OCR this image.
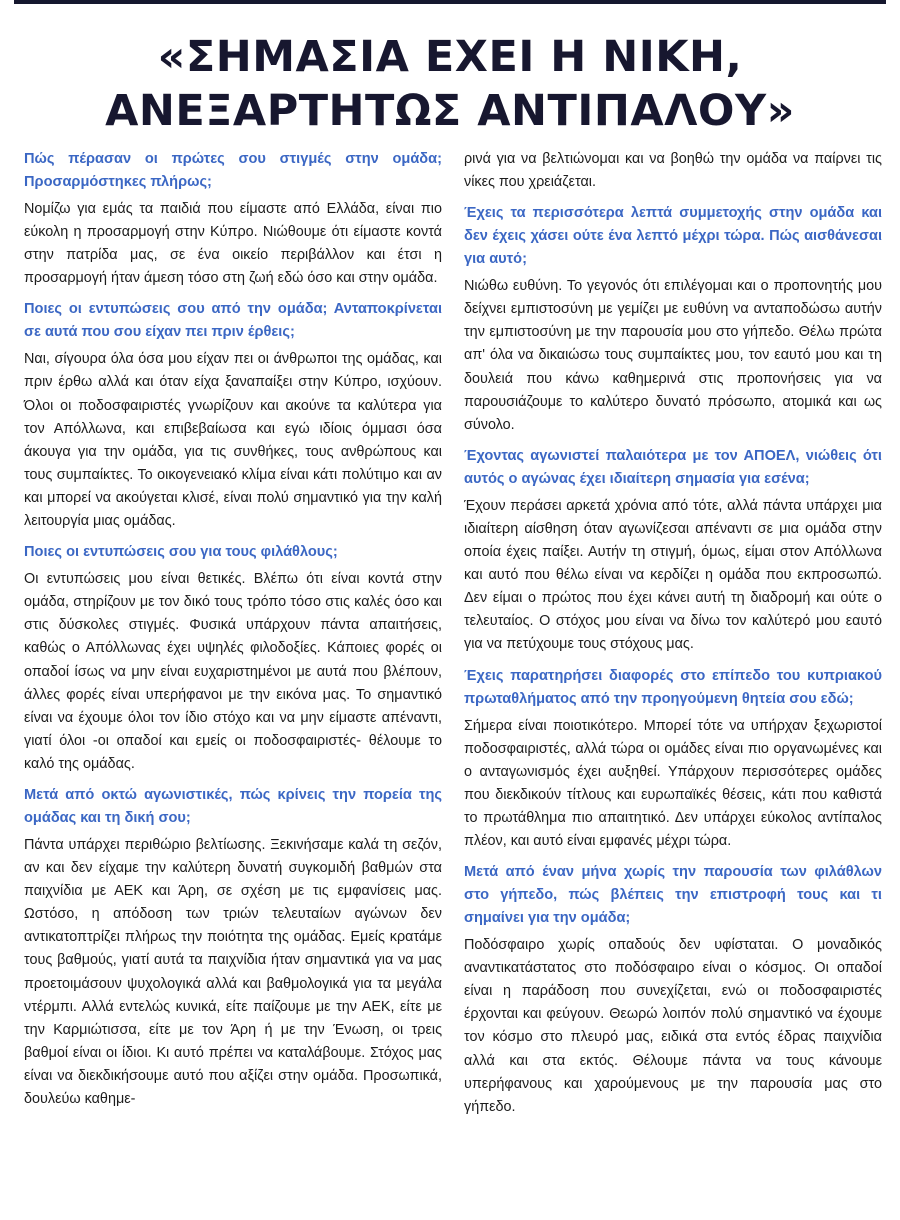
«ΣΗΜΑΣΙΑ ΕΧΕΙ Η ΝΙΚΗ,
ΑΝΕΞΑΡΤΗΤΩΣ ΑΝΤΙΠΑΛΟΥ»

Πώς πέρασαν οι πρώτες σου στιγμές στην ομάδα; Προσαρμόστηκες πλήρως;

Νομίζω για εμάς τα παιδιά που είμαστε από Ελλάδα, είναι πιο εύκολη η προσαρμογή στην Κύπρο. Νιώθουμε ότι είμαστε κοντά στην πατρίδα μας, σε ένα οικείο περιβάλλον και έτσι η προσαρμογή ήταν άμεση τόσο στη ζωή εδώ όσο και στην ομάδα.

Ποιες οι εντυπώσεις σου από την ομάδα; Ανταποκρίνεται σε αυτά που σου είχαν πει πριν έρθεις;

Ναι, σίγουρα όλα όσα μου είχαν πει οι άνθρωποι της ομάδας, και πριν έρθω αλλά και όταν είχα ξαναπαίξει στην Κύπρο, ισχύουν. Όλοι οι ποδοσφαιριστές γνωρίζουν και ακούνε τα καλύτερα για τον Απόλλωνα, και επιβεβαίωσα και εγώ ιδίοις όμμασι όσα άκουγα για την ομάδα, για τις συνθήκες, τους ανθρώπους και τους συμπαίκτες. Το οικογενειακό κλίμα είναι κάτι πολύτιμο και αν και μπορεί να ακούγεται κλισέ, είναι πολύ σημαντικό για την καλή λειτουργία μιας ομάδας.

Ποιες οι εντυπώσεις σου για τους φιλάθλους;

Οι εντυπώσεις μου είναι θετικές. Βλέπω ότι είναι κοντά στην ομάδα, στηρίζουν με τον δικό τους τρόπο τόσο στις καλές όσο και στις δύσκολες στιγμές. Φυσικά υπάρχουν πάντα απαιτήσεις, καθώς ο Απόλλωνας έχει υψηλές φιλοδοξίες. Κάποιες φορές οι οπαδοί ίσως να μην είναι ευχαριστημένοι με αυτά που βλέπουν, άλλες φορές είναι υπερήφανοι με την εικόνα μας. Το σημαντικό είναι να έχουμε όλοι τον ίδιο στόχο και να μην είμαστε απέναντι, γιατί όλοι -οι οπαδοί και εμείς οι ποδοσφαιριστές- θέλουμε το καλό της ομάδας.

Μετά από οκτώ αγωνιστικές, πώς κρίνεις την πορεία της ομάδας και τη δική σου;

Πάντα υπάρχει περιθώριο βελτίωσης. Ξεκινήσαμε καλά τη σεζόν, αν και δεν είχαμε την καλύτερη δυνατή συγκομιδή βαθμών στα παιχνίδια με ΑΕΚ και Άρη, σε σχέση με τις εμφανίσεις μας. Ωστόσο, η απόδοση των τριών τελευταίων αγώνων δεν αντικατοπτρίζει πλήρως την ποιότητα της ομάδας. Εμείς κρατάμε τους βαθμούς, γιατί αυτά τα παιχνίδια ήταν σημαντικά για να μας προετοιμάσουν ψυχολογικά αλλά και βαθμολογικά για τα μεγάλα ντέρμπι. Αλλά εντελώς κυνικά, είτε παίζουμε με την ΑΕΚ, είτε με την Καρμιώτισσα, είτε με τον Άρη ή με την Ένωση, οι τρεις βαθμοί είναι οι ίδιοι. Κι αυτό πρέπει να καταλάβουμε. Στόχος μας είναι να διεκδικήσουμε αυτό που αξίζει στην ομάδα. Προσωπικά, δουλεύω καθημε-

ρινά για να βελτιώνομαι και να βοηθώ την ομάδα να παίρνει τις νίκες που χρειάζεται.

Έχεις τα περισσότερα λεπτά συμμετοχής στην ομάδα και δεν έχεις χάσει ούτε ένα λεπτό μέχρι τώρα. Πώς αισθάνεσαι για αυτό;

Νιώθω ευθύνη. Το γεγονός ότι επιλέγομαι και ο προπονητής μου δείχνει εμπιστοσύνη με γεμίζει με ευθύνη να ανταποδώσω αυτήν την εμπιστοσύνη με την παρουσία μου στο γήπεδο. Θέλω πρώτα απ' όλα να δικαιώσω τους συμπαίκτες μου, τον εαυτό μου και τη δουλειά που κάνω καθημερινά στις προπονήσεις για να παρουσιάζουμε το καλύτερο δυνατό πρόσωπο, ατομικά και ως σύνολο.

Έχοντας αγωνιστεί παλαιότερα με τον ΑΠΟΕΛ, νιώθεις ότι αυτός ο αγώνας έχει ιδιαίτερη σημασία για εσένα;

Έχουν περάσει αρκετά χρόνια από τότε, αλλά πάντα υπάρχει μια ιδιαίτερη αίσθηση όταν αγωνίζεσαι απέναντι σε μια ομάδα στην οποία έχεις παίξει. Αυτήν τη στιγμή, όμως, είμαι στον Απόλλωνα και αυτό που θέλω είναι να κερδίζει η ομάδα που εκπροσωπώ. Δεν είμαι ο πρώτος που έχει κάνει αυτή τη διαδρομή και ούτε ο τελευταίος. Ο στόχος μου είναι να δίνω τον καλύτερό μου εαυτό για να πετύχουμε τους στόχους μας.

Έχεις παρατηρήσει διαφορές στο επίπεδο του κυπριακού πρωταθλήματος από την προηγούμενη θητεία σου εδώ;

Σήμερα είναι ποιοτικότερο. Μπορεί τότε να υπήρχαν ξεχωριστοί ποδοσφαιριστές, αλλά τώρα οι ομάδες είναι πιο οργανωμένες και ο ανταγωνισμός έχει αυξηθεί. Υπάρχουν περισσότερες ομάδες που διεκδικούν τίτλους και ευρωπαϊκές θέσεις, κάτι που καθιστά το πρωτάθλημα πιο απαιτητικό. Δεν υπάρχει εύκολος αντίπαλος πλέον, και αυτό είναι εμφανές μέχρι τώρα.

Μετά από έναν μήνα χωρίς την παρουσία των φιλάθλων στο γήπεδο, πώς βλέπεις την επιστροφή τους και τι σημαίνει για την ομάδα;

Ποδόσφαιρο χωρίς οπαδούς δεν υφίσταται. Ο μοναδικός αναντικατάστατος στο ποδόσφαιρο είναι ο κόσμος. Οι οπαδοί είναι η παράδοση που συνεχίζεται, ενώ οι ποδοσφαιριστές έρχονται και φεύγουν. Θεωρώ λοιπόν πολύ σημαντικό να έχουμε τον κόσμο στο πλευρό μας, ειδικά στα εντός έδρας παιχνίδια αλλά και στα εκτός. Θέλουμε πάντα να τους κάνουμε υπερήφανους και χαρούμενους με την παρουσία μας στο γήπεδο.
